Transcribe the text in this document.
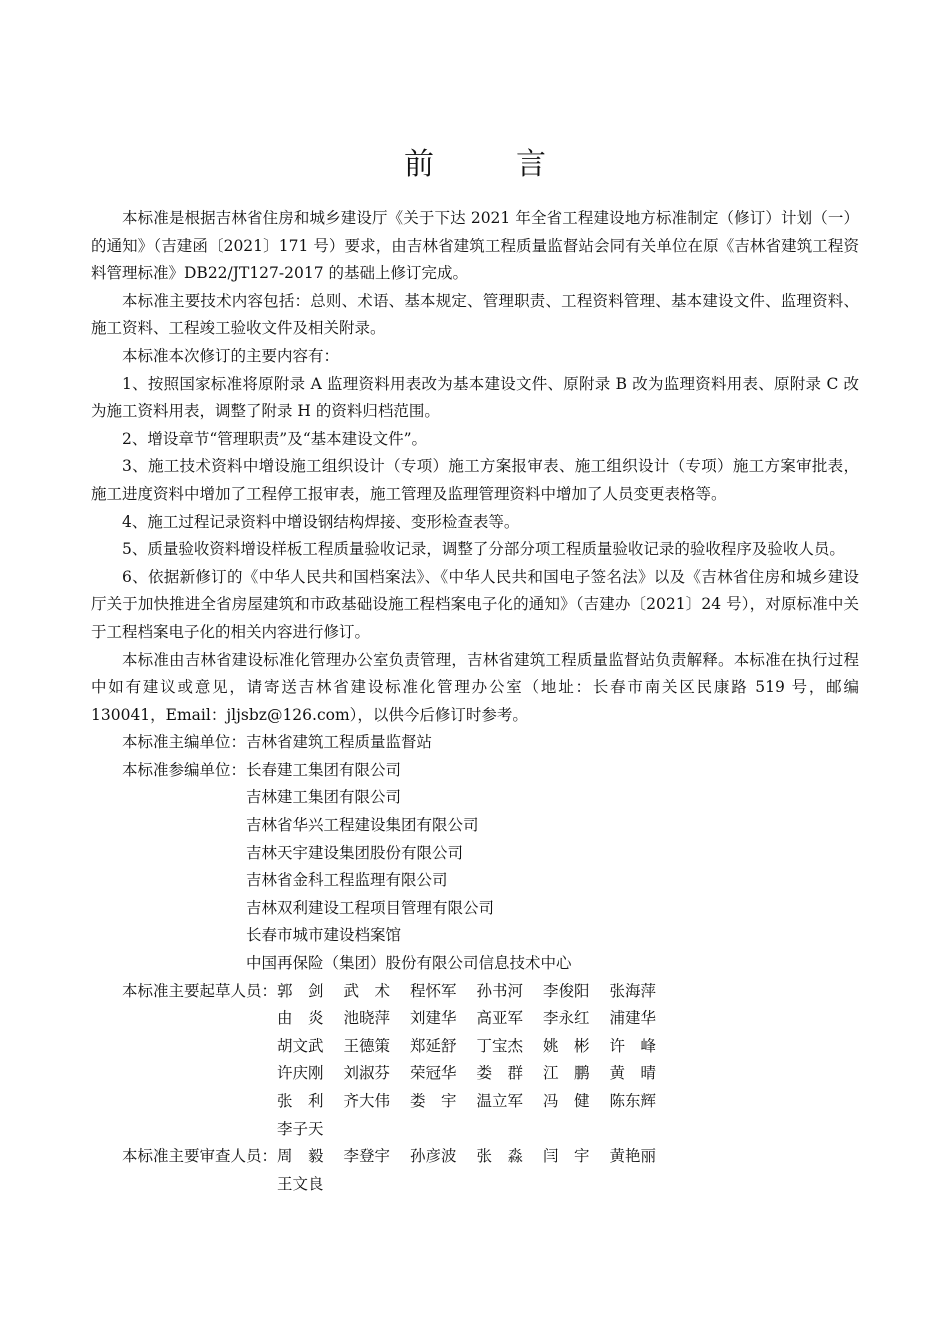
前　言

本标准是根据吉林省住房和城乡建设厅《关于下达 2021 年全省工程建设地方标准制定（修订）计划（一）的通知》（吉建函〔2021〕171 号）要求，由吉林省建筑工程质量监督站会同有关单位在原《吉林省建筑工程资料管理标准》DB22/JT127-2017 的基础上修订完成。

本标准主要技术内容包括：总则、术语、基本规定、管理职责、工程资料管理、基本建设文件、监理资料、施工资料、工程竣工验收文件及相关附录。

本标准本次修订的主要内容有：

1、按照国家标准将原附录 A 监理资料用表改为基本建设文件、原附录 B 改为监理资料用表、原附录 C 改为施工资料用表，调整了附录 H 的资料归档范围。

2、增设章节“管理职责”及“基本建设文件”。

3、施工技术资料中增设施工组织设计（专项）施工方案报审表、施工组织设计（专项）施工方案审批表，施工进度资料中增加了工程停工报审表，施工管理及监理管理资料中增加了人员变更表格等。

4、施工过程记录资料中增设钢结构焊接、变形检查表等。

5、质量验收资料增设样板工程质量验收记录，调整了分部分项工程质量验收记录的验收程序及验收人员。

6、依据新修订的《中华人民共和国档案法》、《中华人民共和国电子签名法》以及《吉林省住房和城乡建设厅关于加快推进全省房屋建筑和市政基础设施工程档案电子化的通知》（吉建办〔2021〕24 号），对原标准中关于工程档案电子化的相关内容进行修订。

本标准由吉林省建设标准化管理办公室负责管理，吉林省建筑工程质量监督站负责解释。本标准在执行过程中如有建议或意见，请寄送吉林省建设标准化管理办公室（地址：长春市南关区民康路 519 号，邮编 130041，Email：jljsbz@126.com），以供今后修订时参考。

本标准主编单位： 吉林省建筑工程质量监督站
本标准参编单位： 长春建工集团有限公司
吉林建工集团有限公司
吉林省华兴工程建设集团有限公司
吉林天宇建设集团股份有限公司
吉林省金科工程监理有限公司
吉林双利建设工程项目管理有限公司
长春市城市建设档案馆
中国再保险（集团）股份有限公司信息技术中心
本标准主要起草人员： 郭　剑	武　术	程怀军	孙书河	李俊阳	张海萍
由　炎	池晓萍	刘建华	高亚军	李永红	浦建华
胡文武	王德策	郑延舒	丁宝杰	姚　彬	许　峰
许庆刚	刘淑芬	荣冠华	娄　群	江　鹏	黄　晴
张　利	齐大伟	娄　宇	温立军	冯　健	陈东辉
李子天
本标准主要审查人员： 周　毅	李登宇	孙彦波	张　淼	闫　宇	黄艳丽
王文良
